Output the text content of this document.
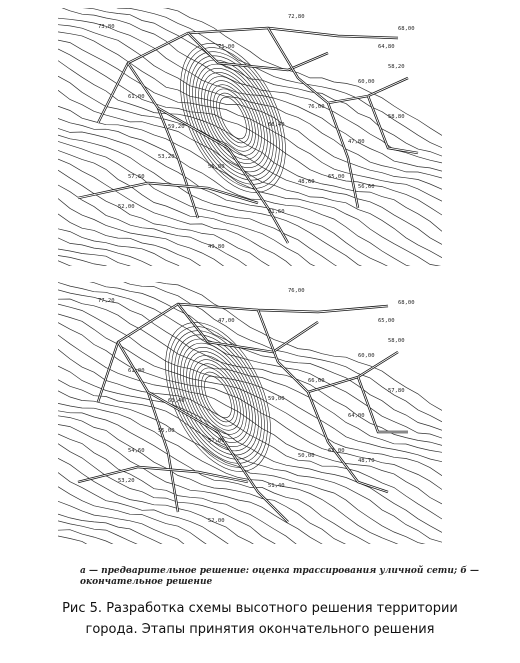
73,80
72,80
68,00
64,80
61,00
60,00
58,20
55,00
53,20
52,00
51,60
48,60
47,80
65,00
66,40
58,80
56,60
71,00
76,00
59,20
57,60
49,80
77,20
76,00
68,00
65,00
61,00
60,00
58,00
57,00
55,00
53,20
51,40
50,00
64,00
62,00
59,00
57,80
48,70
47,00
66,00
63,40
54,60
52,00
а — предварительное решение: оценка трассирования уличной сети; б — окончательное решение
Рис 5. Разработка схемы высотного решения территории
города. Этапы принятия окончательного решения
